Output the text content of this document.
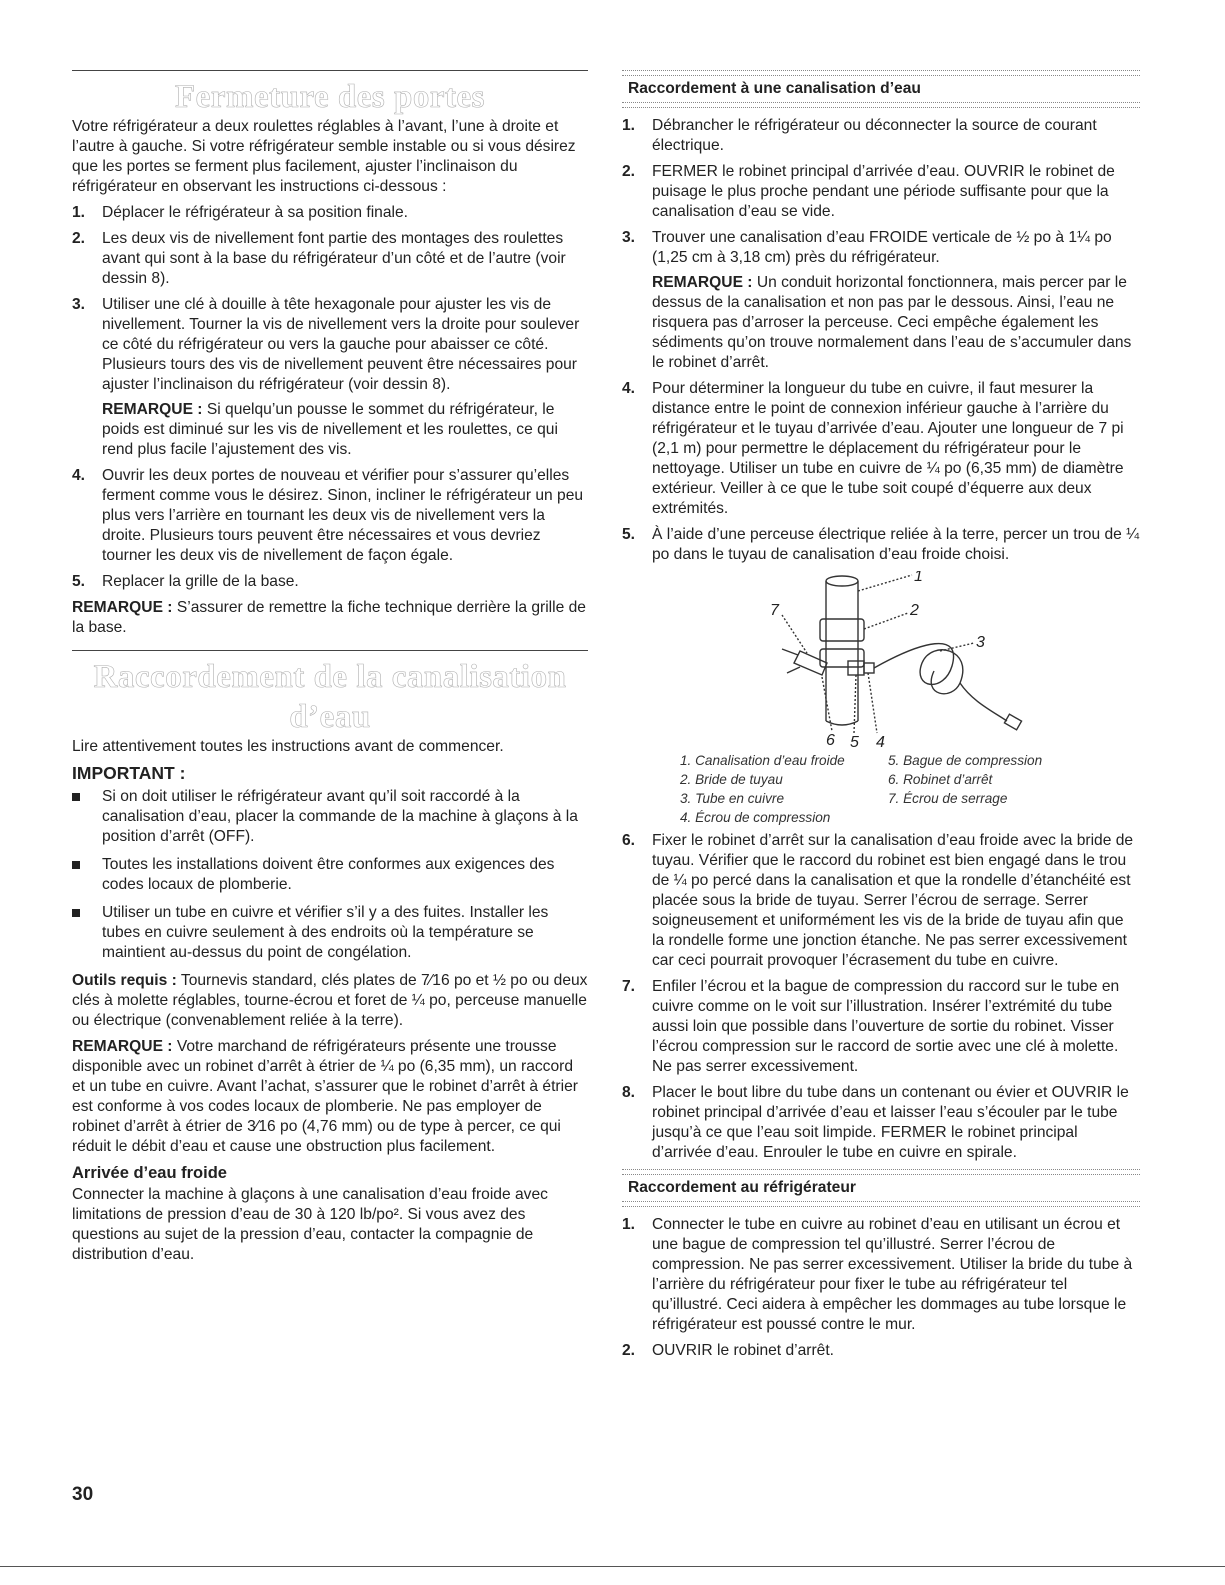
Fermeture des portes

Votre réfrigérateur a deux roulettes réglables à l’avant, l’une à droite et l’autre à gauche. Si votre réfrigérateur semble instable ou si vous désirez que les portes se ferment plus facilement, ajuster l’inclinaison du réfrigérateur en observant les instructions ci-dessous :

1.	Déplacer le réfrigérateur à sa position finale.

2.	Les deux vis de nivellement font partie des montages des roulettes avant qui sont à la base du réfrigérateur d’un côté et de l’autre (voir dessin 8).

3.	Utiliser une clé à douille à tête hexagonale pour ajuster les vis de nivellement. Tourner la vis de nivellement vers la droite pour soulever ce côté du réfrigérateur ou vers la gauche pour abaisser ce côté. Plusieurs tours des vis de nivellement peuvent être nécessaires pour ajuster l’inclinaison du réfrigérateur (voir dessin 8).

REMARQUE : Si quelqu’un pousse le sommet du réfrigérateur, le poids est diminué sur les vis de nivellement et les roulettes, ce qui rend plus facile l’ajustement des vis.

4.	Ouvrir les deux portes de nouveau et vérifier pour s’assurer qu’elles ferment comme vous le désirez. Sinon, incliner le réfrigérateur un peu plus vers l’arrière en tournant les deux vis de nivellement vers la droite. Plusieurs tours peuvent être nécessaires et vous devriez tourner les deux vis de nivellement de façon égale.

5.	Replacer la grille de la base.

REMARQUE : S’assurer de remettre la fiche technique derrière la grille de la base.

Raccordement de la canalisation d’eau

Lire attentivement toutes les instructions avant de commencer.

IMPORTANT :
Si on doit utiliser le réfrigérateur avant qu’il soit raccordé à la canalisation d’eau, placer la commande de la machine à glaçons à la position d’arrêt (OFF).
Toutes les installations doivent être conformes aux exigences des codes locaux de plomberie.
Utiliser un tube en cuivre et vérifier s’il y a des fuites. Installer les tubes en cuivre seulement à des endroits où la température se maintient au-dessus du point de congélation.

Outils requis : Tournevis standard, clés plates de 7⁄16 po et ½ po ou deux clés à molette réglables, tourne-écrou et foret de ¼ po, perceuse manuelle ou électrique (convenablement reliée à la terre).

REMARQUE : Votre marchand de réfrigérateurs présente une trousse disponible avec un robinet d’arrêt à étrier de ¼ po (6,35 mm), un raccord et un tube en cuivre. Avant l’achat, s’assurer que le robinet d’arrêt à étrier est conforme à vos codes locaux de plomberie. Ne pas employer de robinet d’arrêt à étrier de 3⁄16 po (4,76 mm) ou de type à percer, ce qui réduit le débit d’eau et cause une obstruction plus facilement.

Arrivée d’eau froide

Connecter la machine à glaçons à une canalisation d’eau froide avec limitations de pression d’eau de 30 à 120 lb/po². Si vous avez des questions au sujet de la pression d’eau, contacter la compagnie de distribution d’eau.

Raccordement à une canalisation d’eau
1.	Débrancher le réfrigérateur ou déconnecter la source de courant électrique.

2.	FERMER le robinet principal d’arrivée d’eau. OUVRIR le robinet de puisage le plus proche pendant une période suffisante pour que la canalisation d’eau se vide.

3.	Trouver une canalisation d’eau FROIDE verticale de ½ po à 1¼ po (1,25 cm à 3,18 cm) près du réfrigérateur.

REMARQUE : Un conduit horizontal fonctionnera, mais percer par le dessus de la canalisation et non pas par le dessous. Ainsi, l’eau ne risquera pas d’arroser la perceuse. Ceci empêche également les sédiments qu’on trouve normalement dans l’eau de s’accumuler dans le robinet d’arrêt.

4.	Pour déterminer la longueur du tube en cuivre, il faut mesurer la distance entre le point de connexion inférieur gauche à l’arrière du réfrigérateur et le tuyau d’arrivée d’eau. Ajouter une longueur de 7 pi (2,1 m) pour permettre le déplacement du réfrigérateur pour le nettoyage. Utiliser un tube en cuivre de ¼ po (6,35 mm) de diamètre extérieur. Veiller à ce que le tube soit coupé d’équerre aux deux extrémités.

5.	À l’aide d’une perceuse électrique reliée à la terre, percer un trou de ¼ po dans le tuyau de canalisation d’eau froide choisi.

1
2
3
4
5
6
7
1. Canalisation d’eau froide	5. Bague de compression
2. Bride de tuyau	6. Robinet d’arrêt
3. Tube en cuivre	7. Écrou de serrage
4. Écrou de compression
6.	Fixer le robinet d’arrêt sur la canalisation d’eau froide avec la bride de tuyau. Vérifier que le raccord du robinet est bien engagé dans le trou de ¼ po percé dans la canalisation et que la rondelle d’étanchéité est placée sous la bride de tuyau. Serrer l’écrou de serrage. Serrer soigneusement et uniformément les vis de la bride de tuyau afin que la rondelle forme une jonction étanche. Ne pas serrer excessivement car ceci pourrait provoquer l’écrasement du tube en cuivre.

7.	Enfiler l’écrou et la bague de compression du raccord sur le tube en cuivre comme on le voit sur l’illustration. Insérer l’extrémité du tube aussi loin que possible dans l’ouverture de sortie du robinet. Visser l’écrou compression sur le raccord de sortie avec une clé à molette. Ne pas serrer excessivement.

8.	Placer le bout libre du tube dans un contenant ou évier et OUVRIR le robinet principal d’arrivée d’eau et laisser l’eau s’écouler par le tube jusqu’à ce que l’eau soit limpide. FERMER le robinet principal d’arrivée d’eau. Enrouler le tube en cuivre en spirale.

Raccordement au réfrigérateur
1.	Connecter le tube en cuivre au robinet d’eau en utilisant un écrou et une bague de compression tel qu’illustré. Serrer l’écrou de compression. Ne pas serrer excessivement. Utiliser la bride du tube à l’arrière du réfrigérateur pour fixer le tube au réfrigérateur tel qu’illustré. Ceci aidera à empêcher les dommages au tube lorsque le réfrigérateur est poussé contre le mur.

2.	OUVRIR le robinet d’arrêt.

30
